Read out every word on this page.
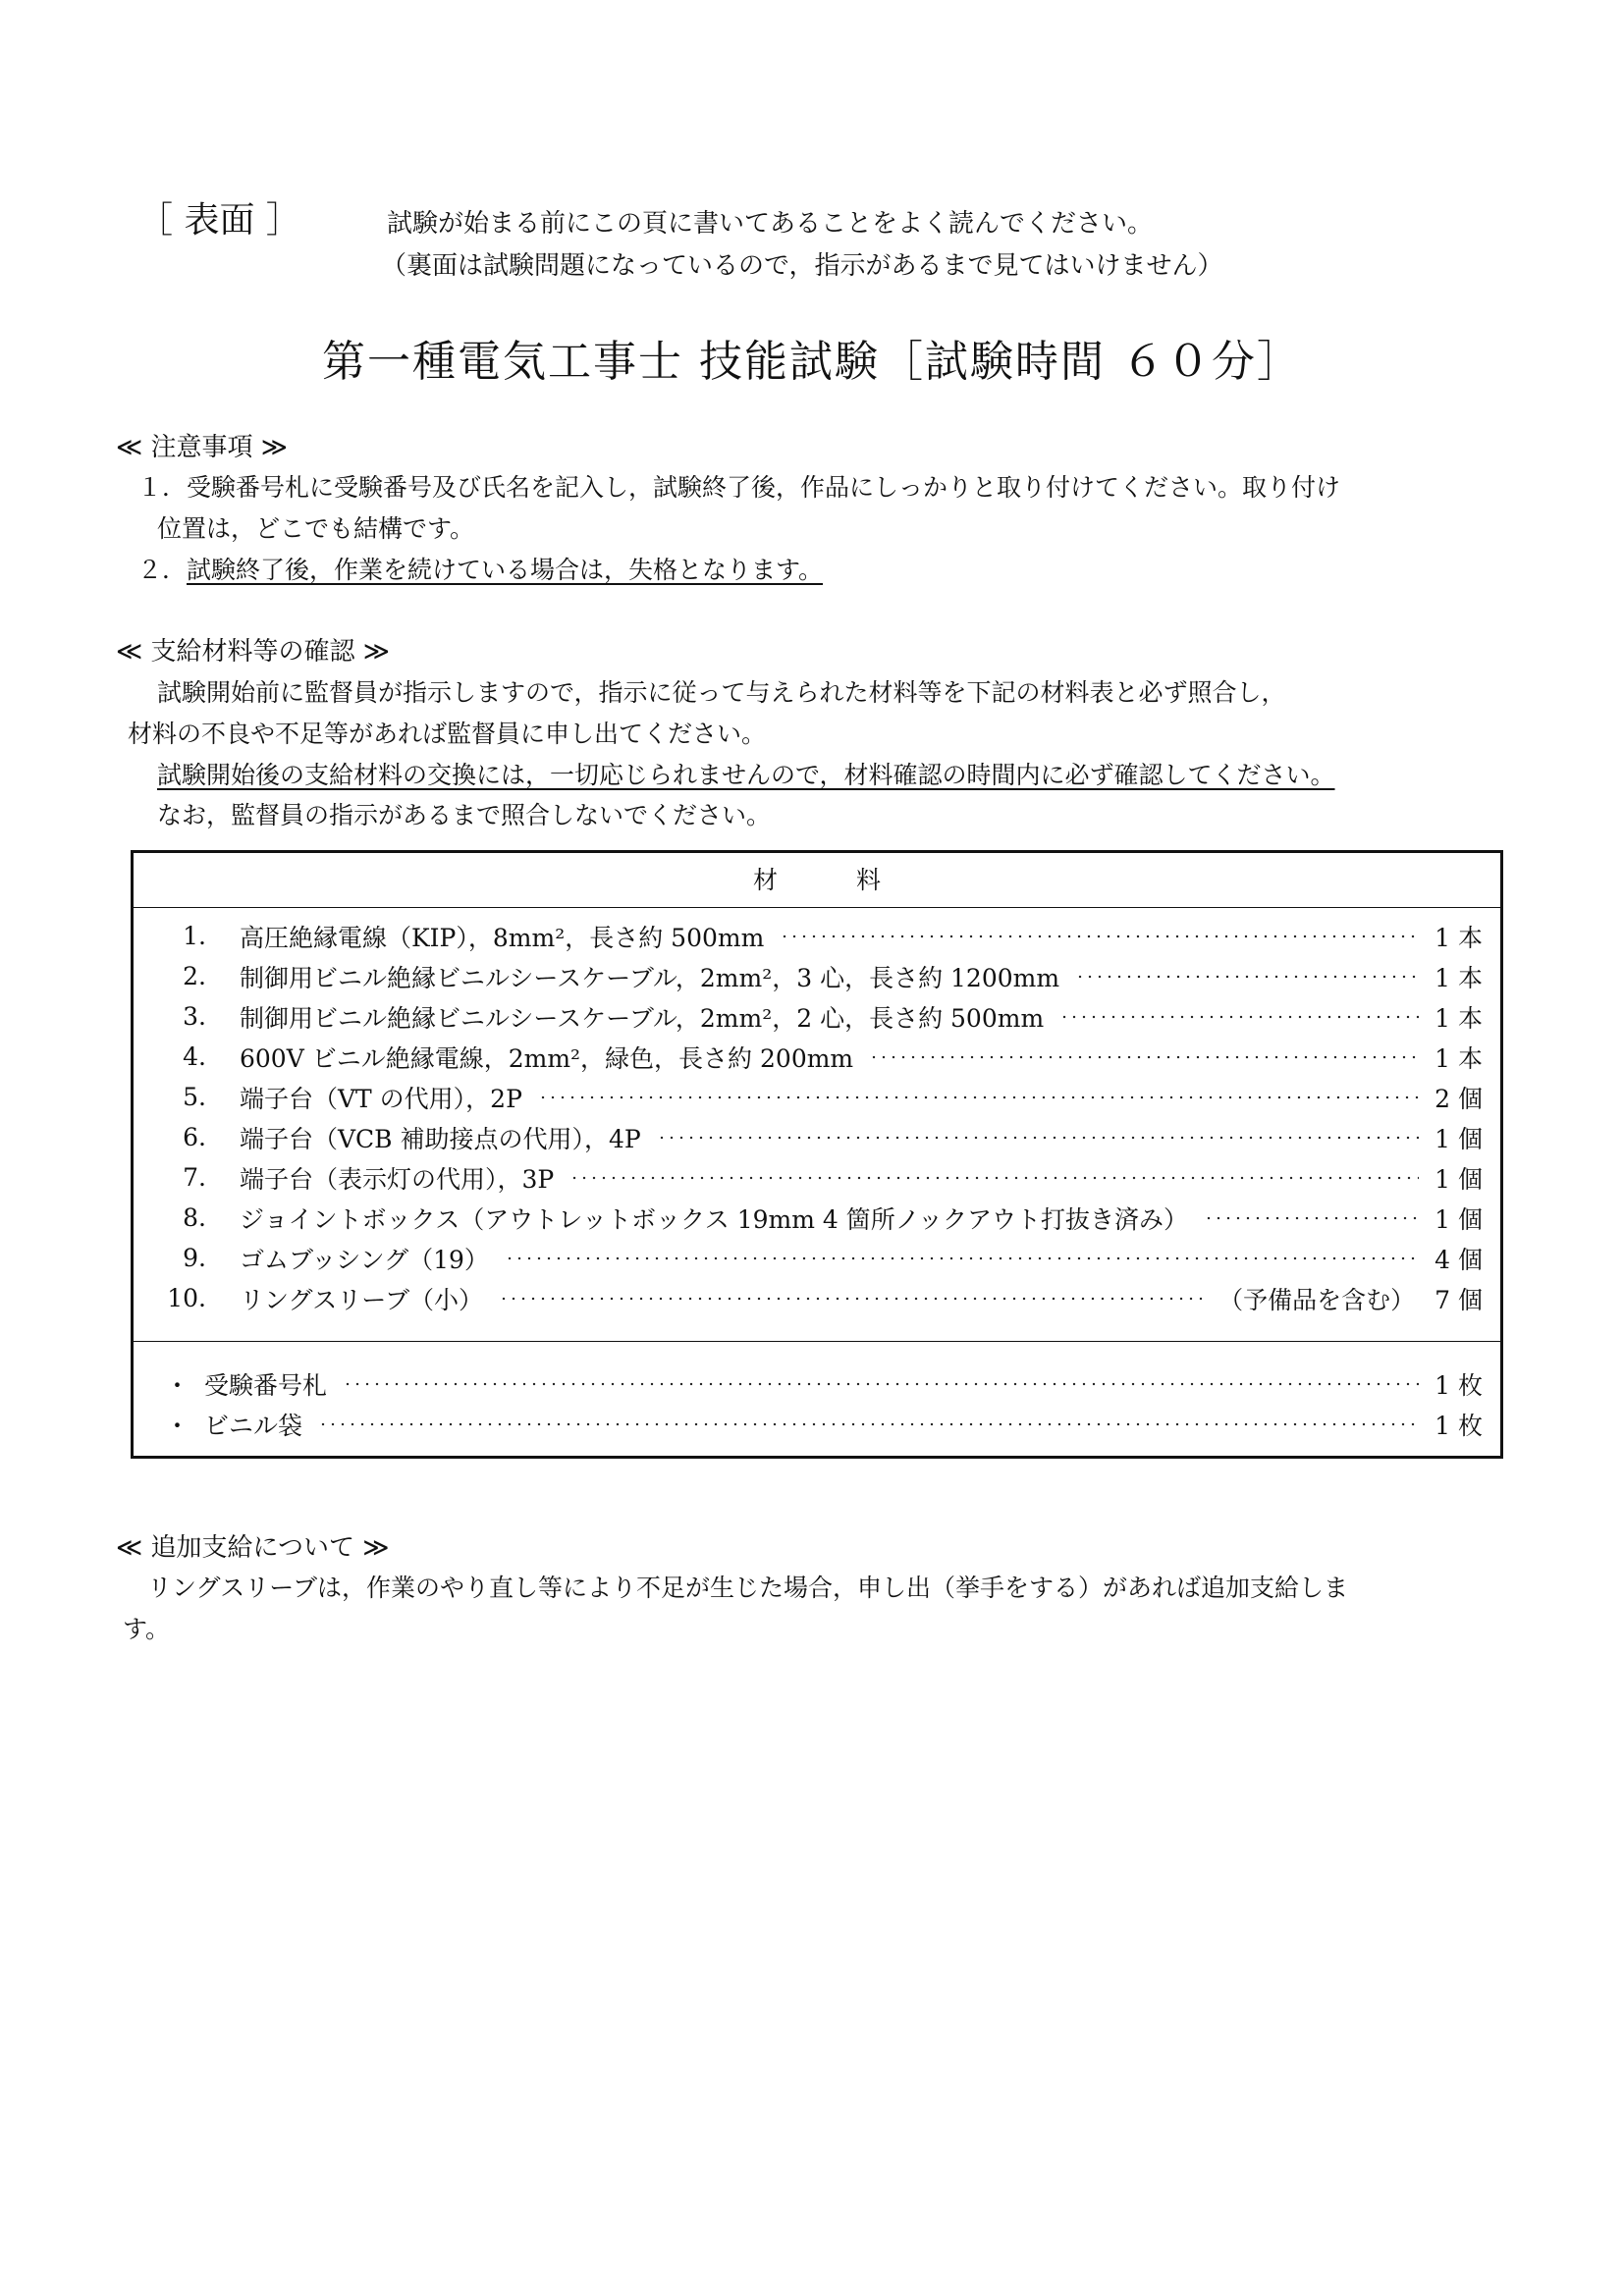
［ 表面 ］	試験が始まる前にこの頁に書いてあることをよく読んでください。
（裏面は試験問題になっているので，指示があるまで見てはいけません）
第一種電気工事士 技能試験［試験時間 ６０分］
≪ 注意事項 ≫
１．受験番号札に受験番号及び氏名を記入し，試験終了後，作品にしっかりと取り付けてください。取り付け
位置は，どこでも結構です。
２． 試験終了後，作業を続けている場合は，失格となります。
≪ 支給材料等の確認 ≫
試験開始前に監督員が指示しますので，指示に従って与えられた材料等を下記の材料表と必ず照合し，
材料の不良や不足等があれば監督員に申し出てください。
試験開始後の支給材料の交換には，一切応じられませんので，材料確認の時間内に必ず確認してください。
なお，監督員の指示があるまで照合しないでください。
材料
1. 高圧絶縁電線（KIP），8mm²，長さ約 500mm	1 本
2. 制御用ビニル絶縁ビニルシースケーブル，2mm²，3 心，長さ約 1200mm	1 本
3. 制御用ビニル絶縁ビニルシースケーブル，2mm²，2 心，長さ約 500mm	1 本
4. 600V ビニル絶縁電線，2mm²，緑色，長さ約 200mm	1 本
5. 端子台（VT の代用），2P	2 個
6. 端子台（VCB 補助接点の代用），4P	1 個
7. 端子台（表示灯の代用），3P	1 個
8. ジョイントボックス（アウトレットボックス 19mm 4 箇所ノックアウト打抜き済み）	1 個
9. ゴムブッシング（19）	4 個
10. リングスリーブ（小）	（予備品を含む） 7 個
・ 受験番号札	1 枚
・ ビニル袋	1 枚
≪ 追加支給について ≫
リングスリーブは，作業のやり直し等により不足が生じた場合，申し出（挙手をする）があれば追加支給しま
す。
